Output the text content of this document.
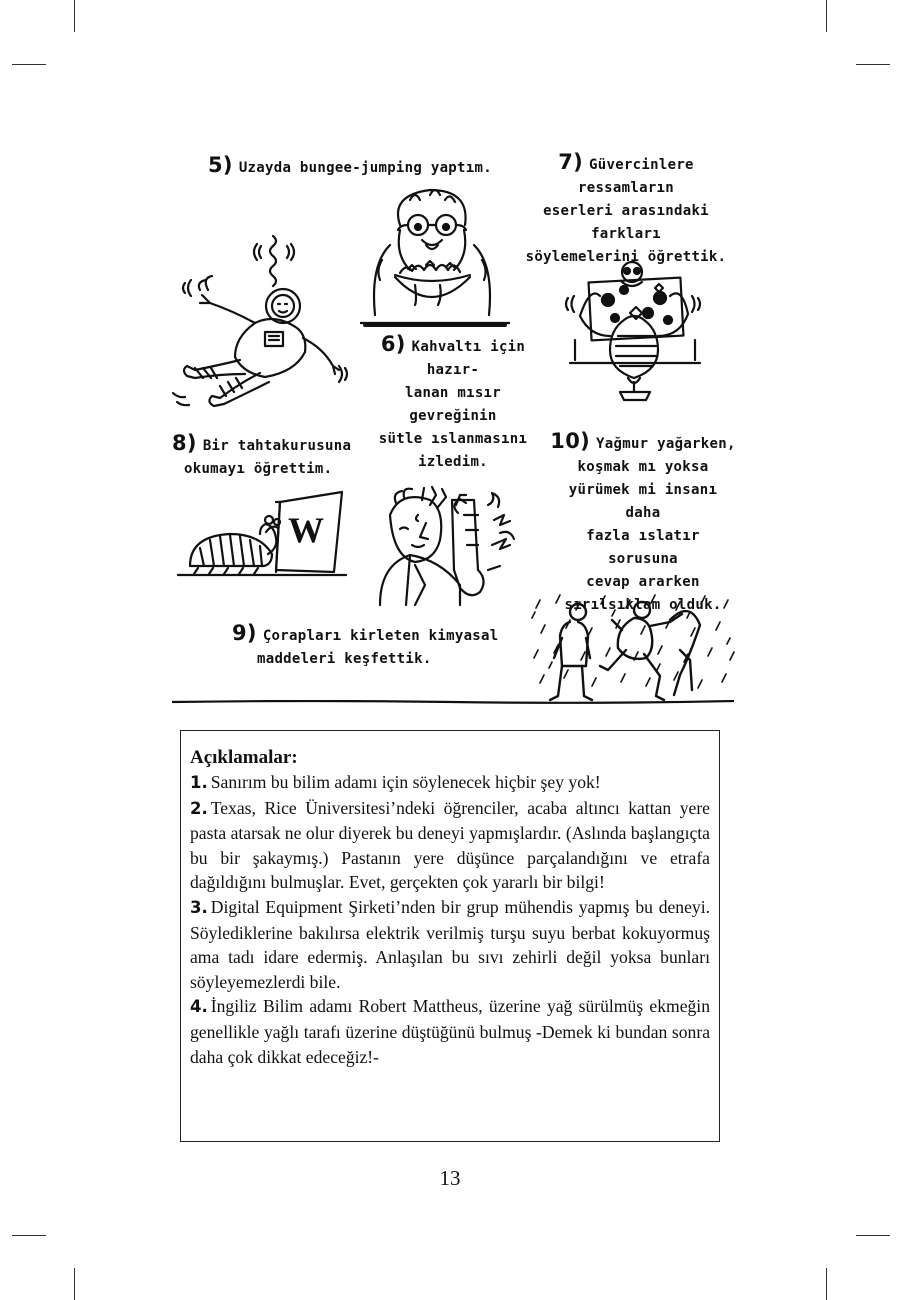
5) Uzayda bungee-jumping yaptım.	7) Güvercinlere ressamların
eserleri arasındaki farkları
söylemelerini öğrettik.
6) Kahvaltı için hazır-
lanan mısır gevreğinin
sütle ıslanmasını
izledim.
8) Bir tahtakurusuna
okumayı öğrettim.
10) Yağmur yağarken,
koşmak mı yoksa
yürümek mi insanı daha
fazla ıslatır sorusuna
cevap ararken
sırılsıklam olduk.
9) Çorapları kirleten kimyasal
maddeleri keşfettik.
W
Açıklamalar:

1. Sanırım bu bilim adamı için söylenecek hiçbir şey yok!

2. Texas, Rice Üniversitesi’ndeki öğrenciler, acaba altıncı kattan yere pasta atarsak ne olur diyerek bu deneyi yapmışlardır. (Aslında başlangıçta bu bir şakaymış.) Pastanın yere düşünce parçalandığını ve etrafa dağıldığını bulmuşlar. Evet, gerçekten çok yararlı bir bilgi!

3. Digital Equipment Şirketi’nden bir grup mühendis yapmış bu deneyi. Söylediklerine bakılırsa elektrik verilmiş turşu suyu berbat kokuyormuş ama tadı idare edermiş. Anlaşılan bu sıvı zehirli değil yoksa bunları söyleyemezlerdi bile.

4. İngiliz Bilim adamı Robert Mattheus, üzerine yağ sürülmüş ekmeğin genellikle yağlı tarafı üzerine düştüğünü bulmuş -Demek ki bundan sonra daha çok dikkat edeceğiz!-

13
